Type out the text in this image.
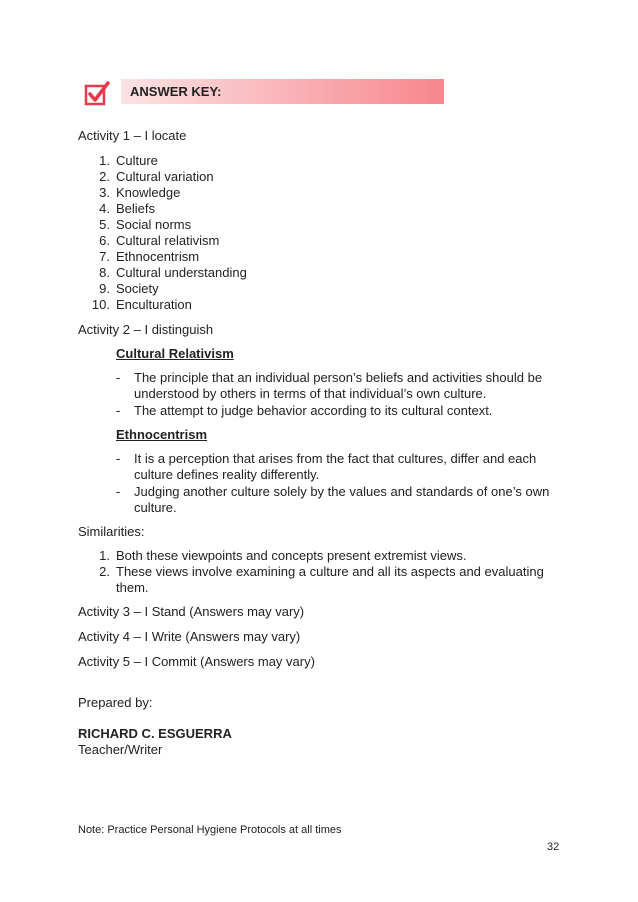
ANSWER KEY:
Activity 1 – I locate
1. Culture
2. Cultural variation
3. Knowledge
4. Beliefs
5. Social norms
6. Cultural relativism
7. Ethnocentrism
8. Cultural understanding
9. Society
10. Enculturation
Activity 2 – I distinguish
Cultural Relativism
- The principle that an individual person’s beliefs and activities should be
understood by others in terms of that individual’s own culture.
- The attempt to judge behavior according to its cultural context.
Ethnocentrism
- It is a perception that arises from the fact that cultures, differ and each
culture defines reality differently.
- Judging another culture solely by the values and standards of one’s own
culture.
Similarities:
1. Both these viewpoints and concepts present extremist views.
2. These views involve examining a culture and all its aspects and evaluating
them.
Activity 3 – I Stand (Answers may vary)
Activity 4 – I Write (Answers may vary)
Activity 5 – I Commit (Answers may vary)
Prepared by:
RICHARD C. ESGUERRA
Teacher/Writer
Note: Practice Personal Hygiene Protocols at all times
32
